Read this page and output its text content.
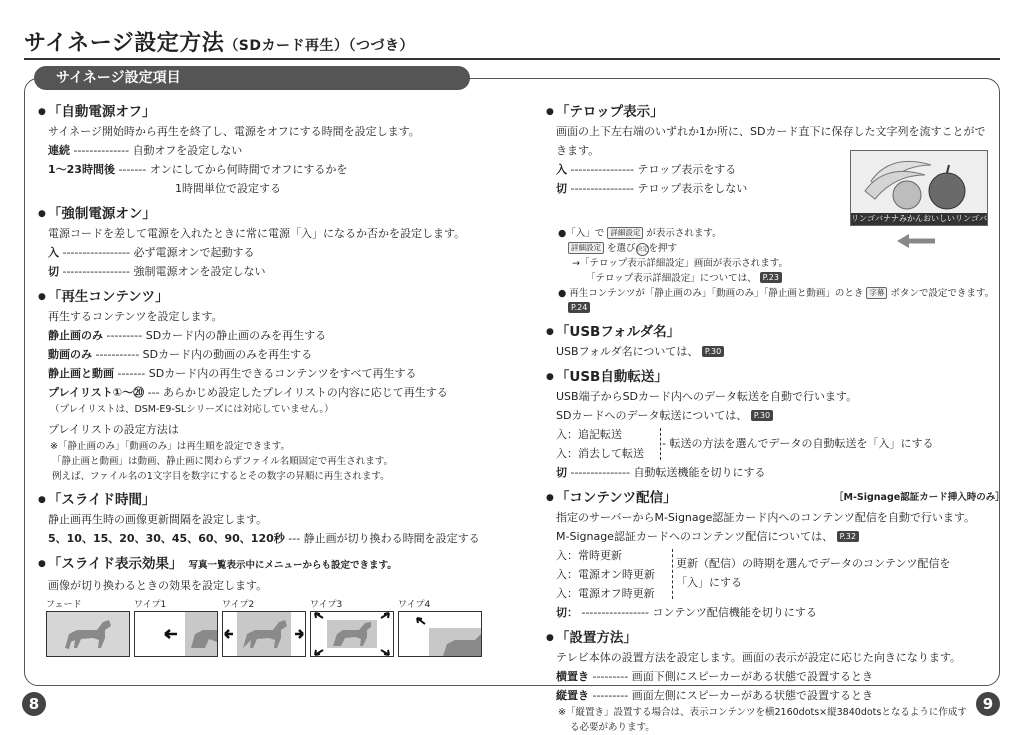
サイネージ設定方法（SDカード再生）（つづき）
サイネージ設定項目
● 「自動電源オフ」
サイネージ開始時から再生を終了し、電源をオフにする時間を設定します。
連続 -------------- 自動オフを設定しない
1～23時間後 ------- オンにしてから何時間でオフにするかを
1時間単位で設定する
● 「強制電源オン」
電源コードを差して電源を入れたときに常に電源「入」になるか否かを設定します。
入 ----------------- 必ず電源オンで起動する
切 ----------------- 強制電源オンを設定しない
● 「再生コンテンツ」
再生するコンテンツを設定します。
静止画のみ --------- SDカード内の静止画のみを再生する
動画のみ ----------- SDカード内の動画のみを再生する
静止画と動画 ------- SDカード内の再生できるコンテンツをすべて再生する
プレイリスト①～⑳ --- あらかじめ設定したプレイリストの内容に応じて再生する
（プレイリストは、DSM-E9-SLシリーズには対応していません。）
プレイリストの設定方法は
※「静止画のみ」「動画のみ」は再生順を設定できます。
「静止画と動画」は動画、静止画に関わらずファイル名順固定で再生されます。
例えば、ファイル名の1文字目を数字にするとその数字の昇順に再生されます。
● 「スライド時間」
静止画再生時の画像更新間隔を設定します。
5、10、15、20、30、45、60、90、120秒 --- 静止画が切り換わる時間を設定する
● 「スライド表示効果」 写真一覧表示中にメニューからも設定できます。
画像が切り換わるときの効果を設定します。
フェード	ワイプ1	ワイプ2	ワイプ3	ワイプ4
● 「テロップ表示」
画面の上下左右端のいずれか1か所に、SDカード直下に保存した文字列を流すことができます。
入 ---------------- テロップ表示をする
切 ---------------- テロップ表示をしない
●「入」で 詳細設定 が表示されます。
詳細設定 を選び決定を押す
→「テロップ表示詳細設定」画面が表示されます。
「テロップ表示詳細設定」については、 P.23
● 再生コンテンツが「静止画のみ」「動画のみ」「静止画と動画」のとき 字幕 ボタンで設定できます。
P.24
● 「USBフォルダ名」
USBフォルダ名については、 P.30
● 「USB自動転送」
USB端子からSDカード内へのデータ転送を自動で行います。
SDカードへのデータ転送については、 P.30
入：追記転送
入：消去して転送
- 転送の方法を選んでデータの自動転送を「入」にする
切 --------------- 自動転送機能を切りにする
● 「コンテンツ配信」	［M-Signage認証カード挿入時のみ］
指定のサーバーからM-Signage認証カード内へのコンテンツ配信を自動で行います。
M-Signage認証カードへのコンテンツ配信については、 P.32
入：常時更新
入：電源オン時更新
入：電源オフ時更新
更新（配信）の時期を選んでデータのコンテンツ配信を
「入」にする
切： ----------------- コンテンツ配信機能を切りにする
● 「設置方法」
テレビ本体の設置方法を設定します。画面の表示が設定に応じた向きになります。
横置き --------- 画面下側にスピーカーがある状態で設置するとき
縦置き --------- 画面左側にスピーカーがある状態で設置するとき
※「縦置き」設置する場合は、表示コンテンツを横2160dots×縦3840dotsとなるように作成す
る必要があります。
リンゴバナナみかんおいしいリンゴバ
8	9
